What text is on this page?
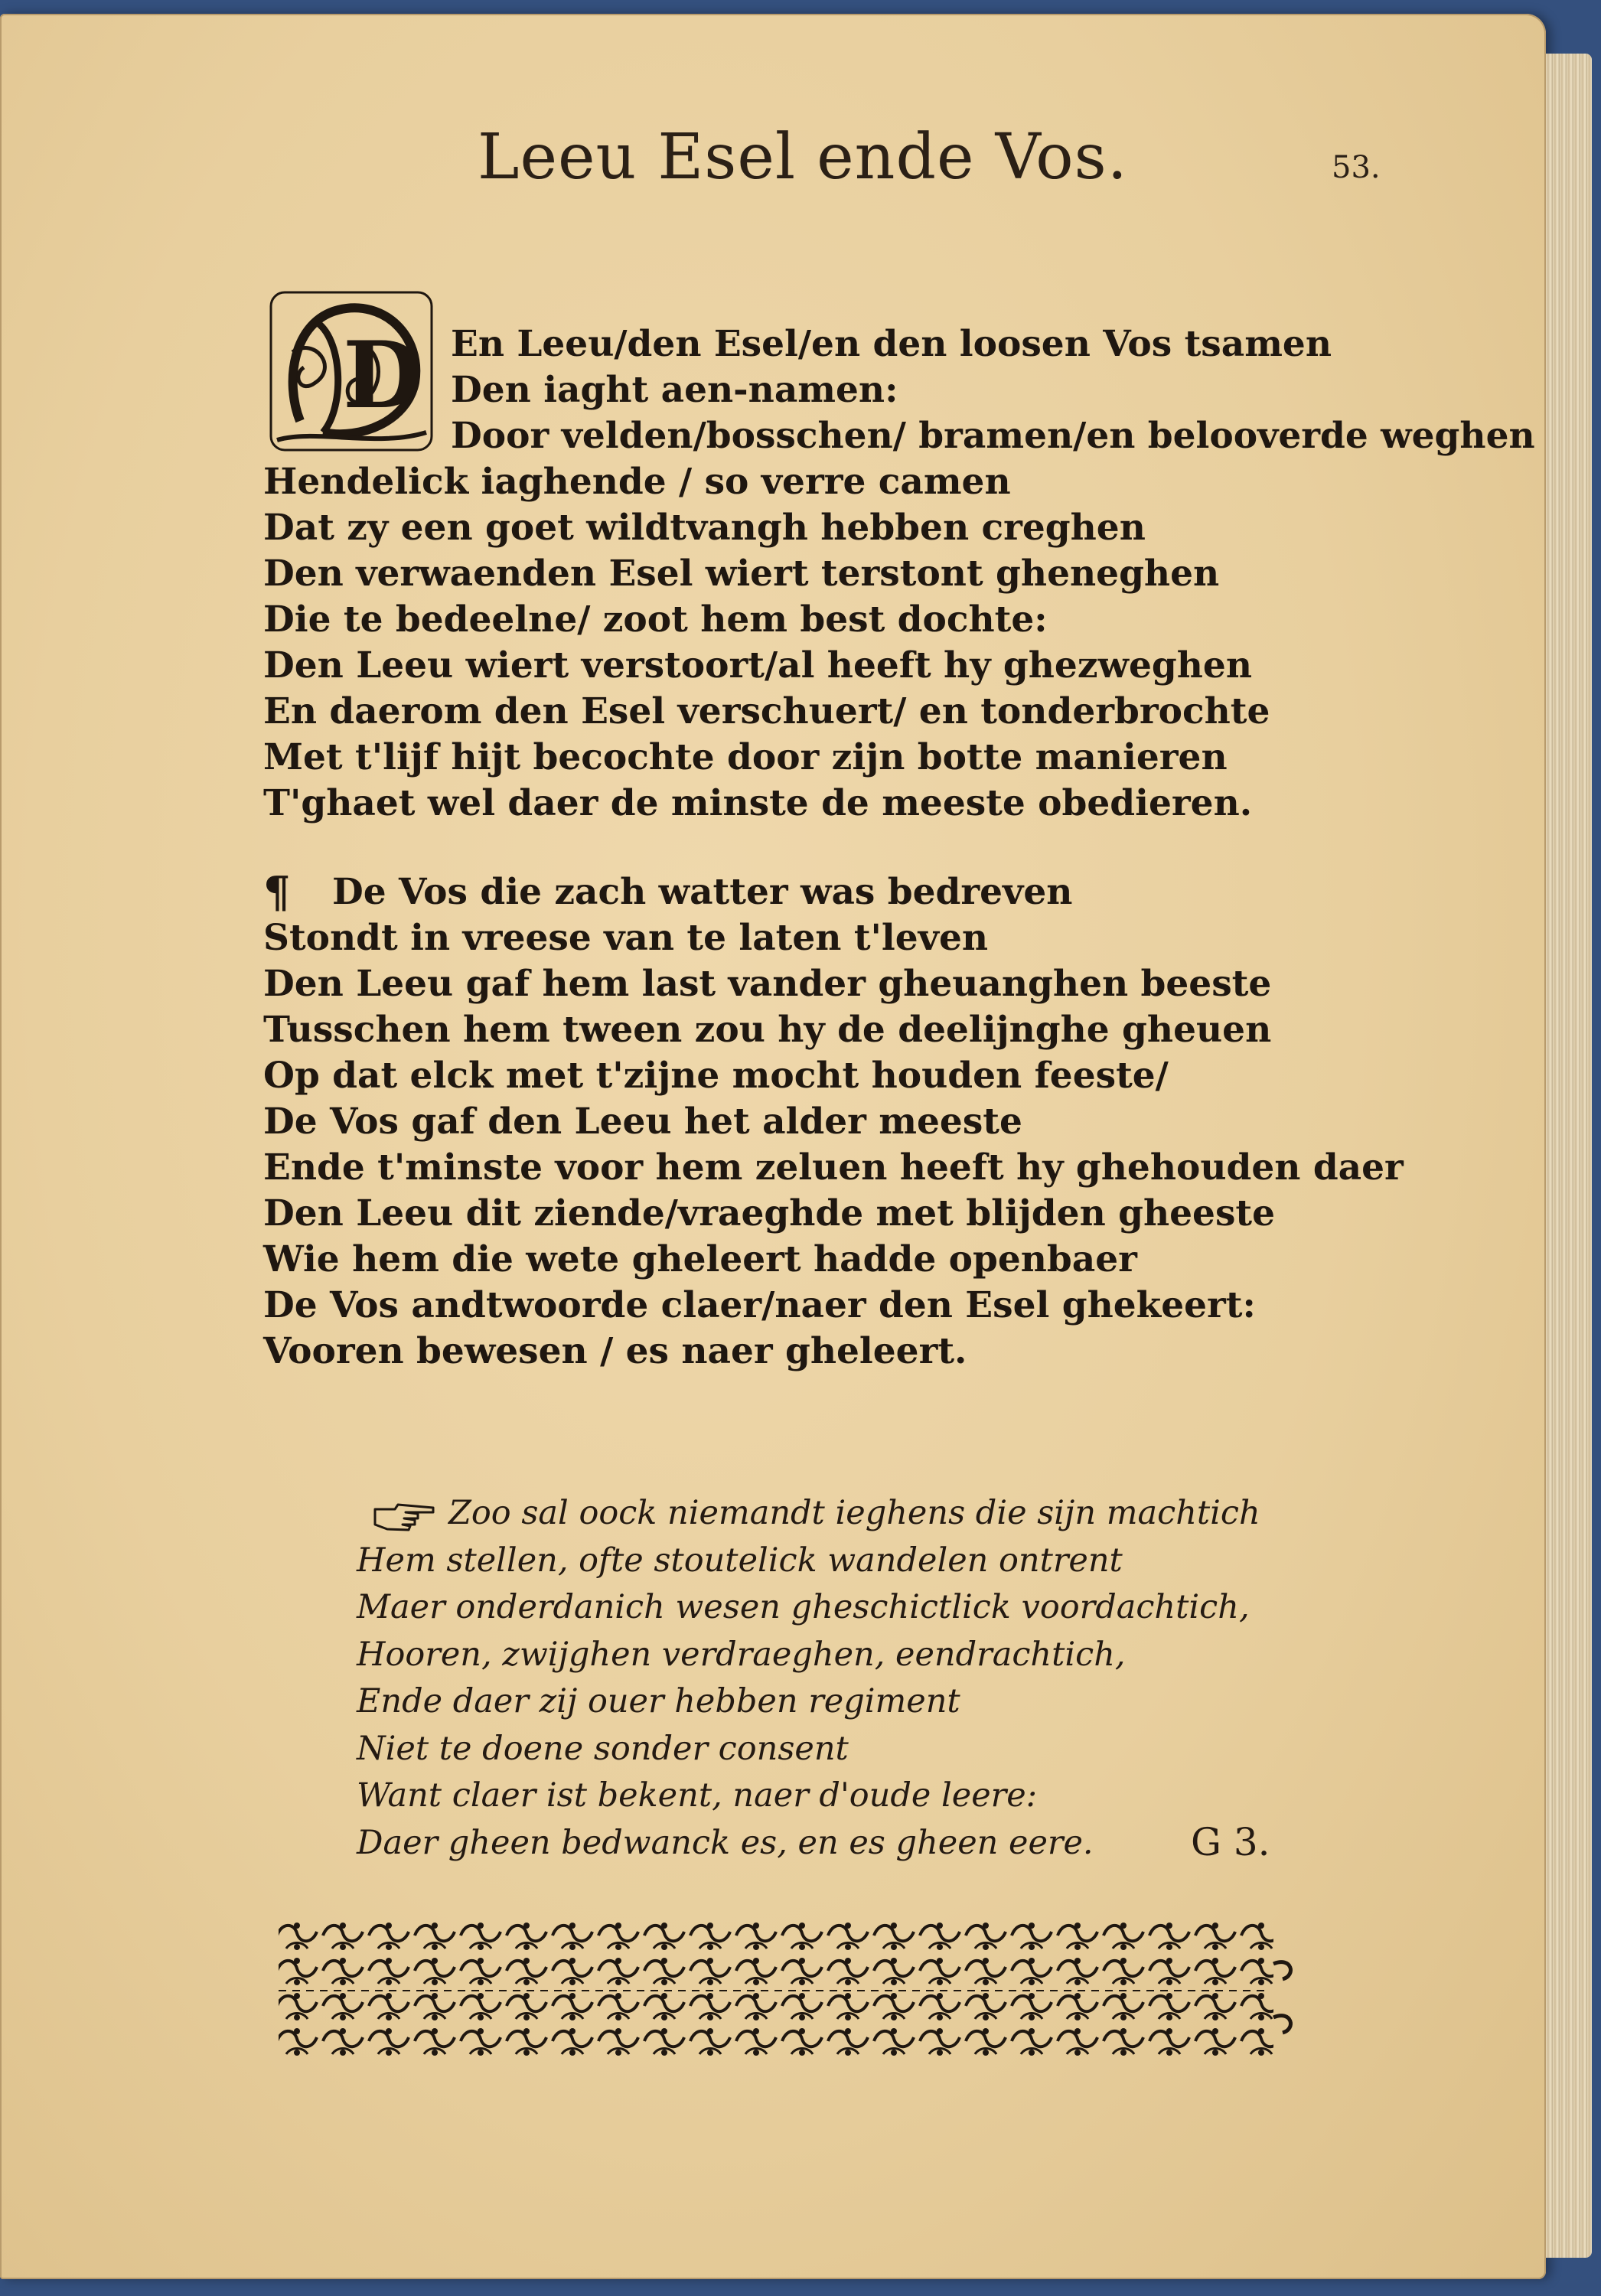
Leeu Esel ende Vos.	53.
D En Leeu/den Esel/en den loosen Vos tsamen
Den iaght aen-namen:
Door velden/bosschen/ bramen/en belooverde weghen
Hendelick iaghende / so verre camen
Dat zy een goet wildtvangh hebben creghen
Den verwaenden Esel wiert terstont gheneghen
Die te bedeelne/ zoot hem best dochte:
Den Leeu wiert verstoort/al heeft hy ghezweghen
En daerom den Esel verschuert/ en tonderbrochte
Met t'lijf hijt becochte door zijn botte manieren
T'ghaet wel daer de minste de meeste obedieren.
¶	De Vos die zach watter was bedreven
Stondt in vreese van te laten t'leven
Den Leeu gaf hem last vander gheuanghen beeste
Tusschen hem tween zou hy de deelijnghe gheuen
Op dat elck met t'zijne mocht houden feeste/
De Vos gaf den Leeu het alder meeste
Ende t'minste voor hem zeluen heeft hy ghehouden daer
Den Leeu dit ziende/vraeghde met blijden gheeste
Wie hem die wete gheleert hadde openbaer
De Vos andtwoorde claer/naer den Esel ghekeert:
Vooren bewesen / es naer gheleert.
Zoo sal oock niemandt ieghens die sijn machtich
Hem stellen, ofte stoutelick wandelen ontrent
Maer onderdanich wesen gheschictlick voordachtich,
Hooren, zwijghen verdraeghen, eendrachtich,
Ende daer zij ouer hebben regiment
Niet te doene sonder consent
Want claer ist bekent, naer d'oude leere:
Daer gheen bedwanck es, en es gheen eere.	G 3.
